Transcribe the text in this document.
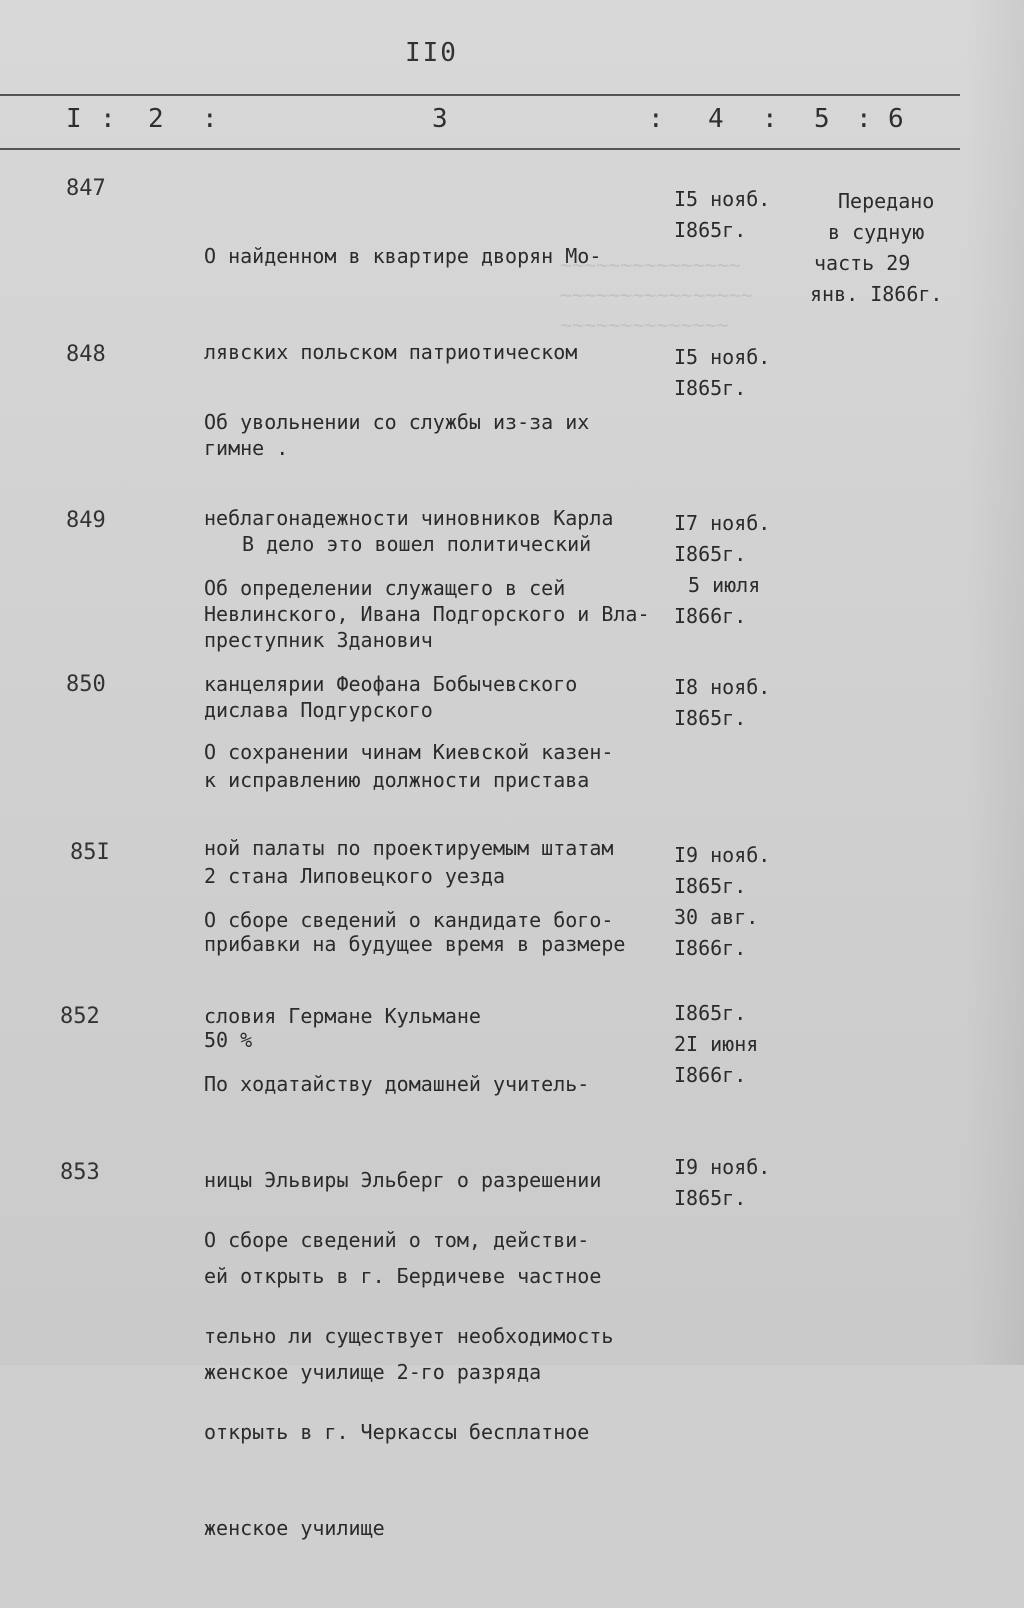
~~~~~~~~~~~~~~~
~~~~~~~~~~~~~~~~
~~~~~~~~~~~~~~
II0
I : 2 :	3	: 4 : 5 : 6
847

О найденном в квартире дворян Мо-

лявских польском патриотическом

гимне .

В дело это вошел политический

преступник Зданович

I5 нояб.
I865г.
Передано
в судную
часть 29
янв. I866г.
848

Об увольнении со службы из-за их

неблагонадежности чиновников Карла

Невлинского, Ивана Подгорского и Вла-

дислава Подгурского

I5 нояб.
I865г.
849

Об определении служащего в сей

канцелярии Феофана Бобычевского

к исправлению должности пристава

2 стана Липовецкого уезда

I7 нояб.
I865г.
5 июля
I866г.
850

О сохранении чинам Киевской казен-

ной палаты по проектируемым штатам

прибавки на будущее время в размере

50 %

I8 нояб.
I865г.
85I

О сборе сведений о кандидате бого-

словия Германе Кульмане

I9 нояб.
I865г.
30 авг.
I866г.
852

По ходатайству домашней учитель-

ницы Эльвиры Эльберг о разрешении

ей открыть в г. Бердичеве частное

женское училище 2-го разряда

I865г.
2I июня
I866г.
853

О сборе сведений о том, действи-

тельно ли существует необходимость

открыть в г. Черкассы бесплатное

женское училище

I9 нояб.
I865г.
